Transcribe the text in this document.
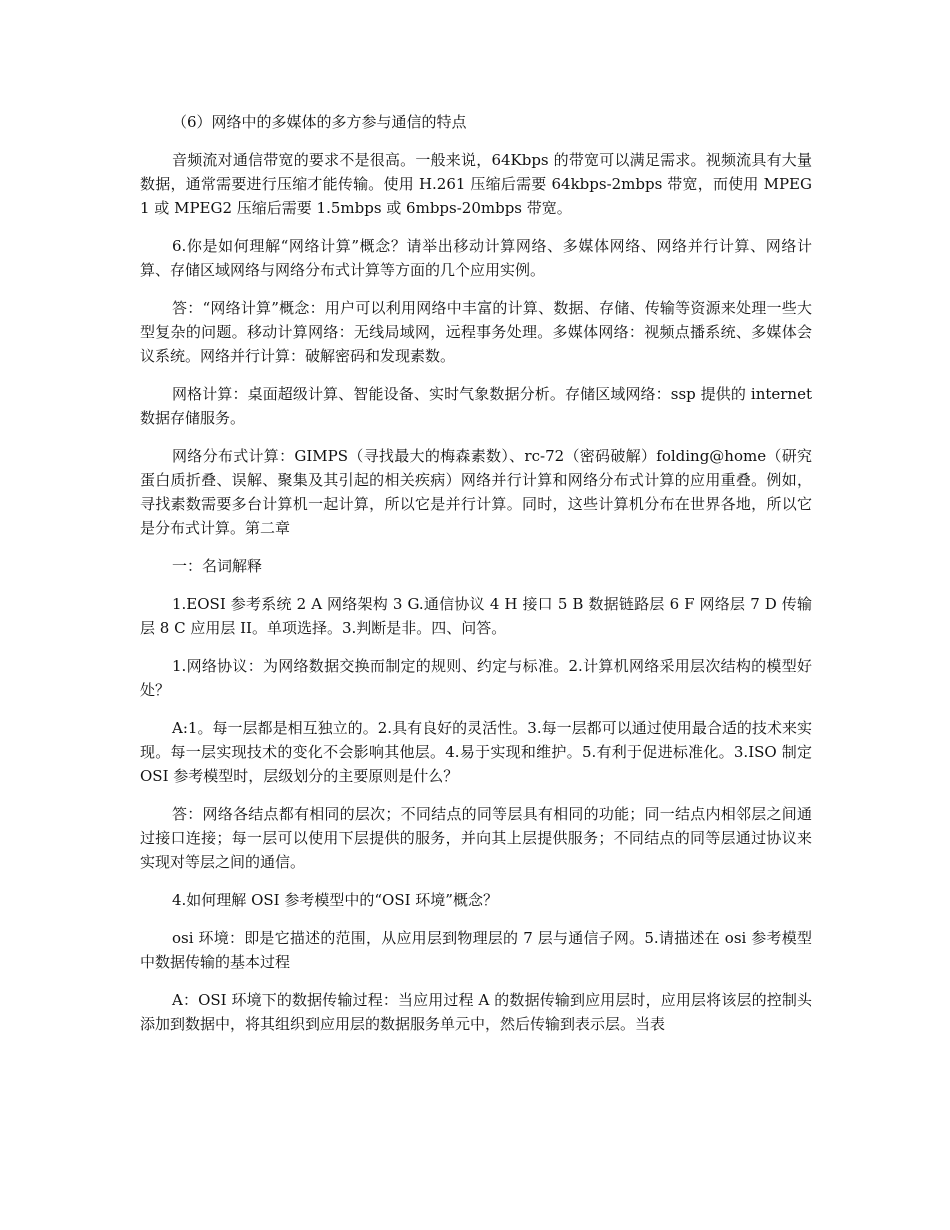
（6）网络中的多媒体的多方参与通信的特点

音频流对通信带宽的要求不是很高。一般来说，64Kbps 的带宽可以满足需求。视频流具有大量数据，通常需要进行压缩才能传输。使用 H.261 压缩后需要 64kbps-2mbps 带宽，而使用 MPEG1 或 MPEG2 压缩后需要 1.5mbps 或 6mbps-20mbps 带宽。

6.你是如何理解“网络计算”概念？请举出移动计算网络、多媒体网络、网络并行计算、网络计算、存储区域网络与网络分布式计算等方面的几个应用实例。

答：“网络计算”概念：用户可以利用网络中丰富的计算、数据、存储、传输等资源来处理一些大型复杂的问题。移动计算网络：无线局域网，远程事务处理。多媒体网络：视频点播系统、多媒体会议系统。网络并行计算：破解密码和发现素数。

网格计算：桌面超级计算、智能设备、实时气象数据分析。存储区域网络：ssp 提供的 internet 数据存储服务。

网络分布式计算：GIMPS（寻找最大的梅森素数）、rc-72（密码破解）folding@home（研究蛋白质折叠、误解、聚集及其引起的相关疾病）网络并行计算和网络分布式计算的应用重叠。例如，寻找素数需要多台计算机一起计算，所以它是并行计算。同时，这些计算机分布在世界各地，所以它是分布式计算。第二章

一：名词解释

1.EOSI 参考系统 2 A 网络架构 3 G.通信协议 4 H 接口 5 B 数据链路层 6 F 网络层 7 D 传输层 8 C 应用层 II。单项选择。3.判断是非。四、问答。

1.网络协议：为网络数据交换而制定的规则、约定与标准。2.计算机网络采用层次结构的模型好处？

A:1。每一层都是相互独立的。2.具有良好的灵活性。3.每一层都可以通过使用最合适的技术来实现。每一层实现技术的变化不会影响其他层。4.易于实现和维护。5.有利于促进标准化。3.ISO 制定 OSI 参考模型时，层级划分的主要原则是什么？

答：网络各结点都有相同的层次；不同结点的同等层具有相同的功能；同一结点内相邻层之间通过接口连接；每一层可以使用下层提供的服务，并向其上层提供服务；不同结点的同等层通过协议来实现对等层之间的通信。

4.如何理解 OSI 参考模型中的“OSI 环境”概念？

osi 环境：即是它描述的范围，从应用层到物理层的 7 层与通信子网。5.请描述在 osi 参考模型中数据传输的基本过程

A：OSI 环境下的数据传输过程：当应用过程 A 的数据传输到应用层时，应用层将该层的控制头添加到数据中，将其组织到应用层的数据服务单元中，然后传输到表示层。当表
